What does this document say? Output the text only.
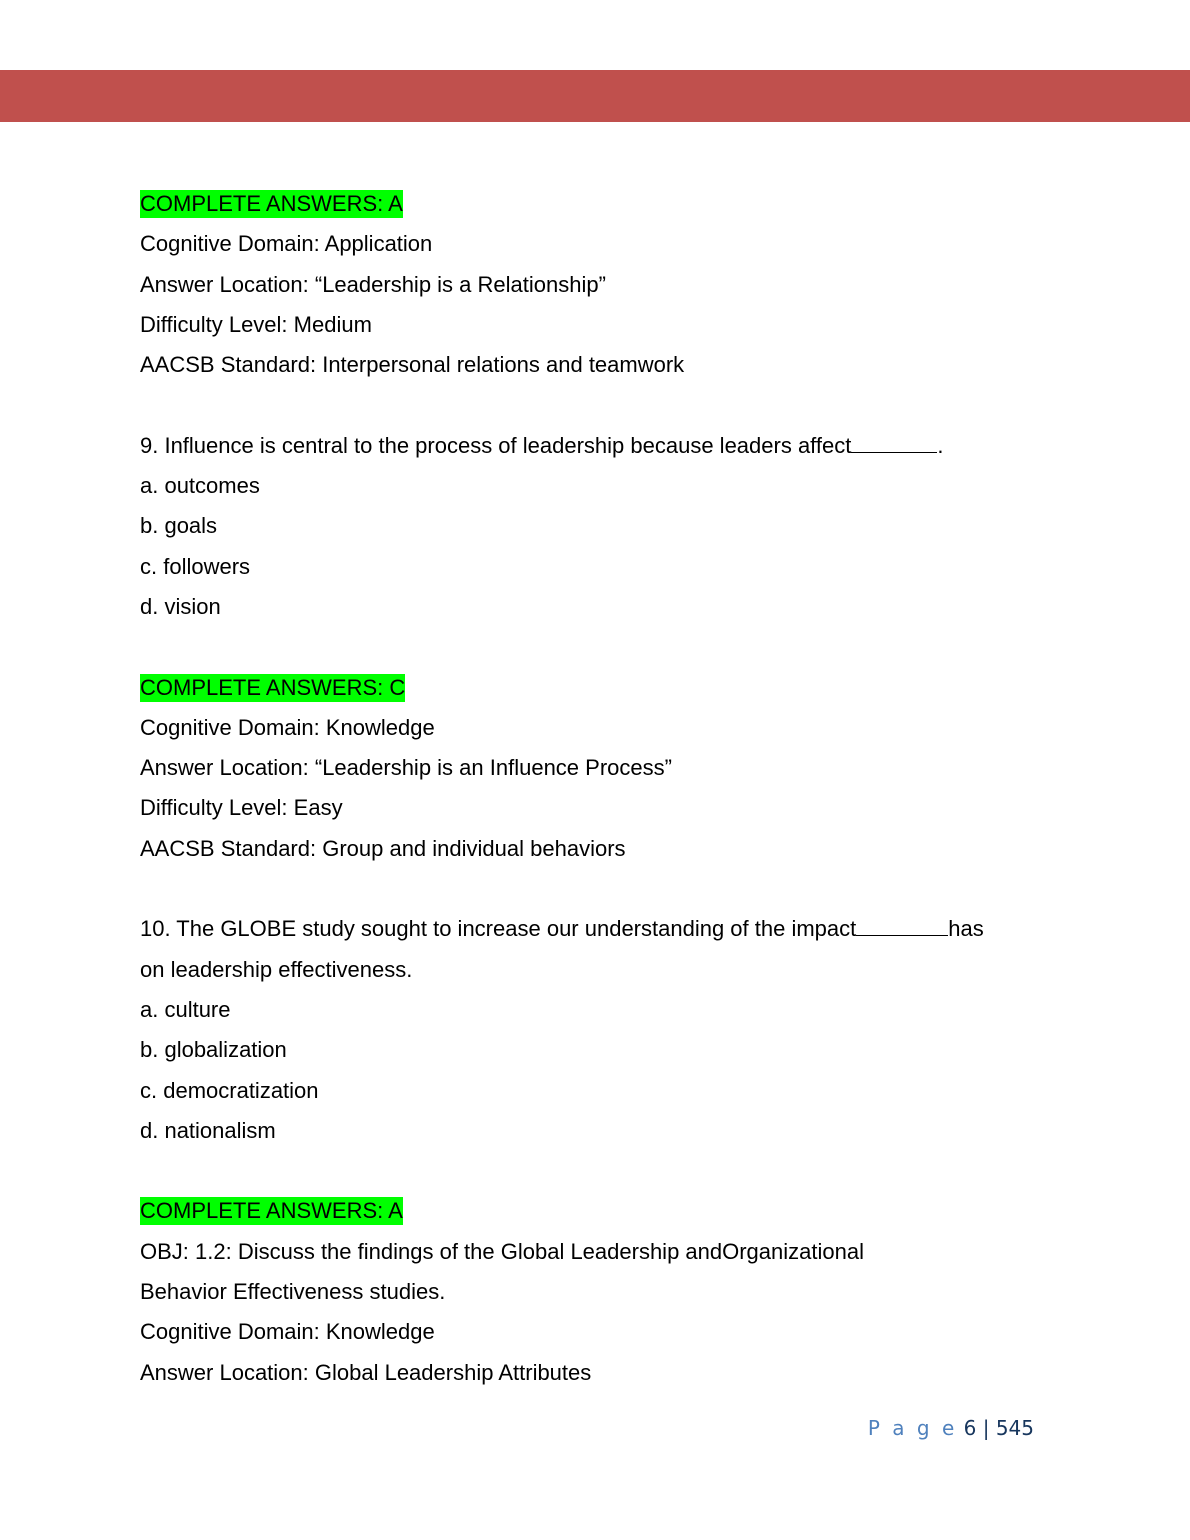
COMPLETE ANSWERS: A
Cognitive Domain: Application
Answer Location: “Leadership is a Relationship”
Difficulty Level: Medium
AACSB Standard: Interpersonal relations and teamwork
9. Influence is central to the process of leadership because leaders affect	.
a. outcomes
b. goals
c. followers
d. vision
COMPLETE ANSWERS: C
Cognitive Domain: Knowledge
Answer Location: “Leadership is an Influence Process”
Difficulty Level: Easy
AACSB Standard: Group and individual behaviors
10. The GLOBE study sought to increase our understanding of the impact	has
on leadership effectiveness.
a. culture
b. globalization
c. democratization
d. nationalism
COMPLETE ANSWERS: A
OBJ: 1.2: Discuss the findings of the Global Leadership andOrganizational
Behavior Effectiveness studies.
Cognitive Domain: Knowledge
Answer Location: Global Leadership Attributes
P a g e 6 | 545
